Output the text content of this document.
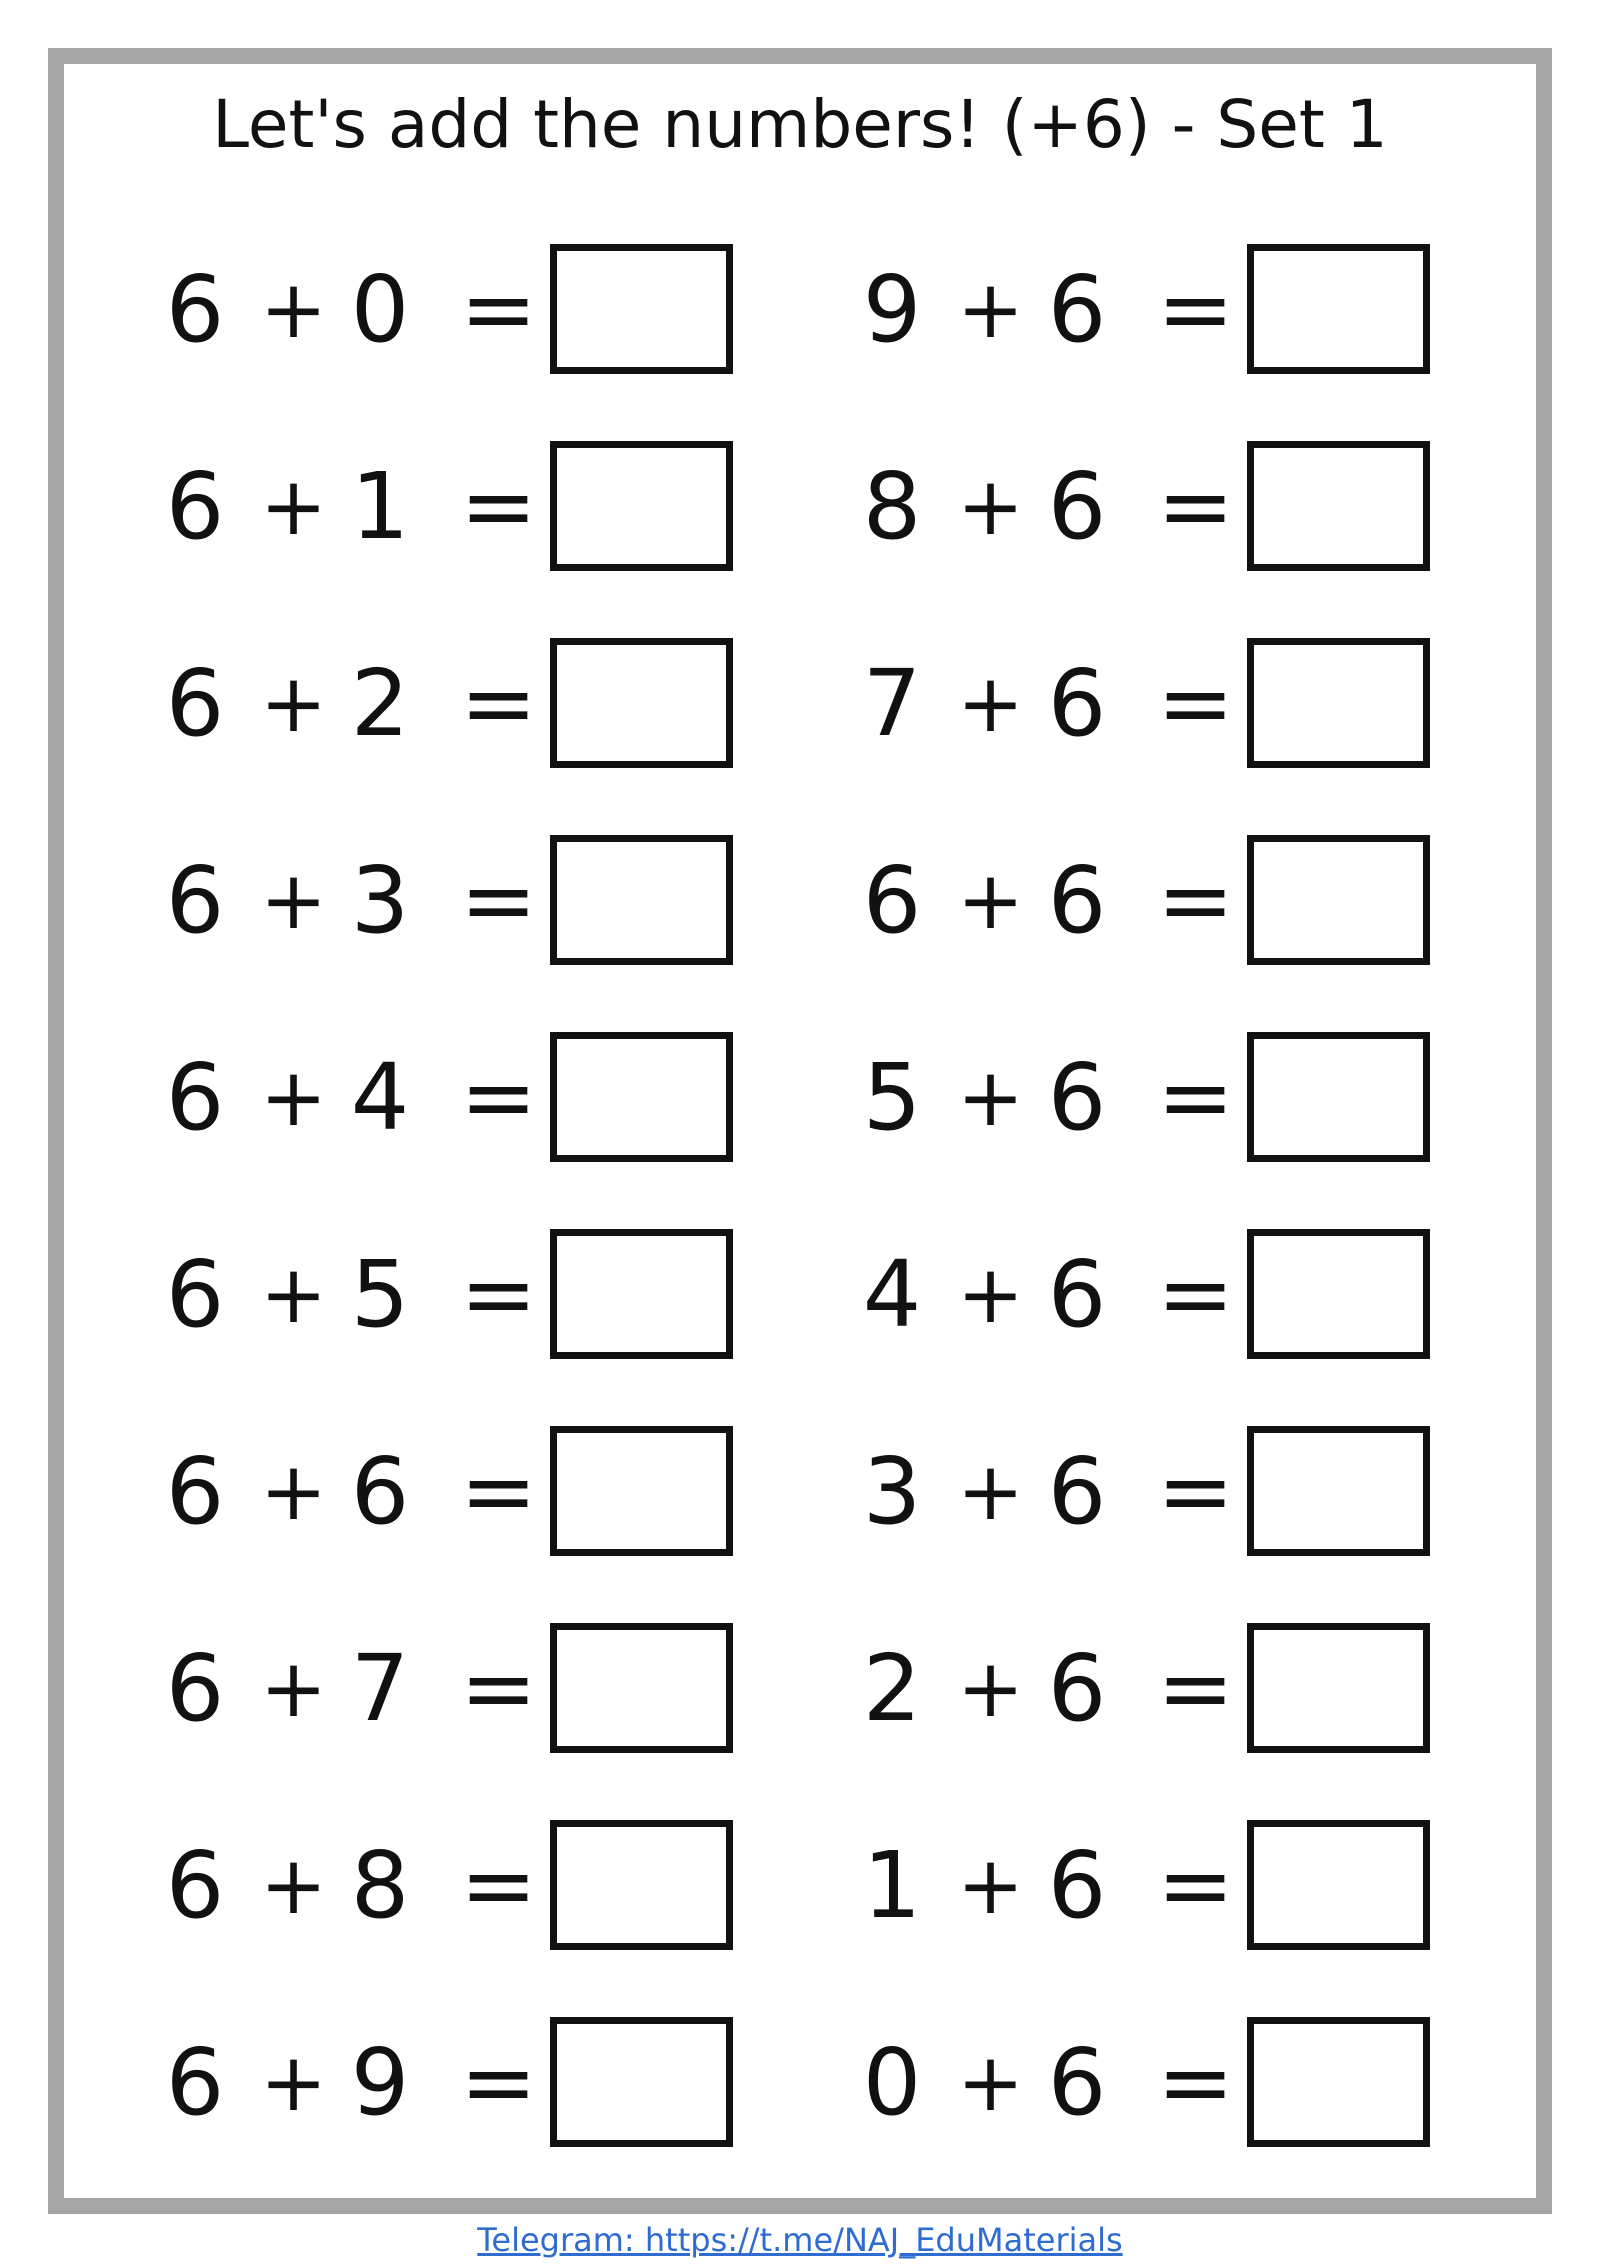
Let's add the numbers! (+6) - Set 1
6 + 0 =
6 + 1 =
6 + 2 =
6 + 3 =
6 + 4 =
6 + 5 =
6 + 6 =
6 + 7 =
6 + 8 =
6 + 9 =
9 + 6 =
8 + 6 =
7 + 6 =
6 + 6 =
5 + 6 =
4 + 6 =
3 + 6 =
2 + 6 =
1 + 6 =
0 + 6 =
Telegram: https://t.me/NAJ_EduMaterials
